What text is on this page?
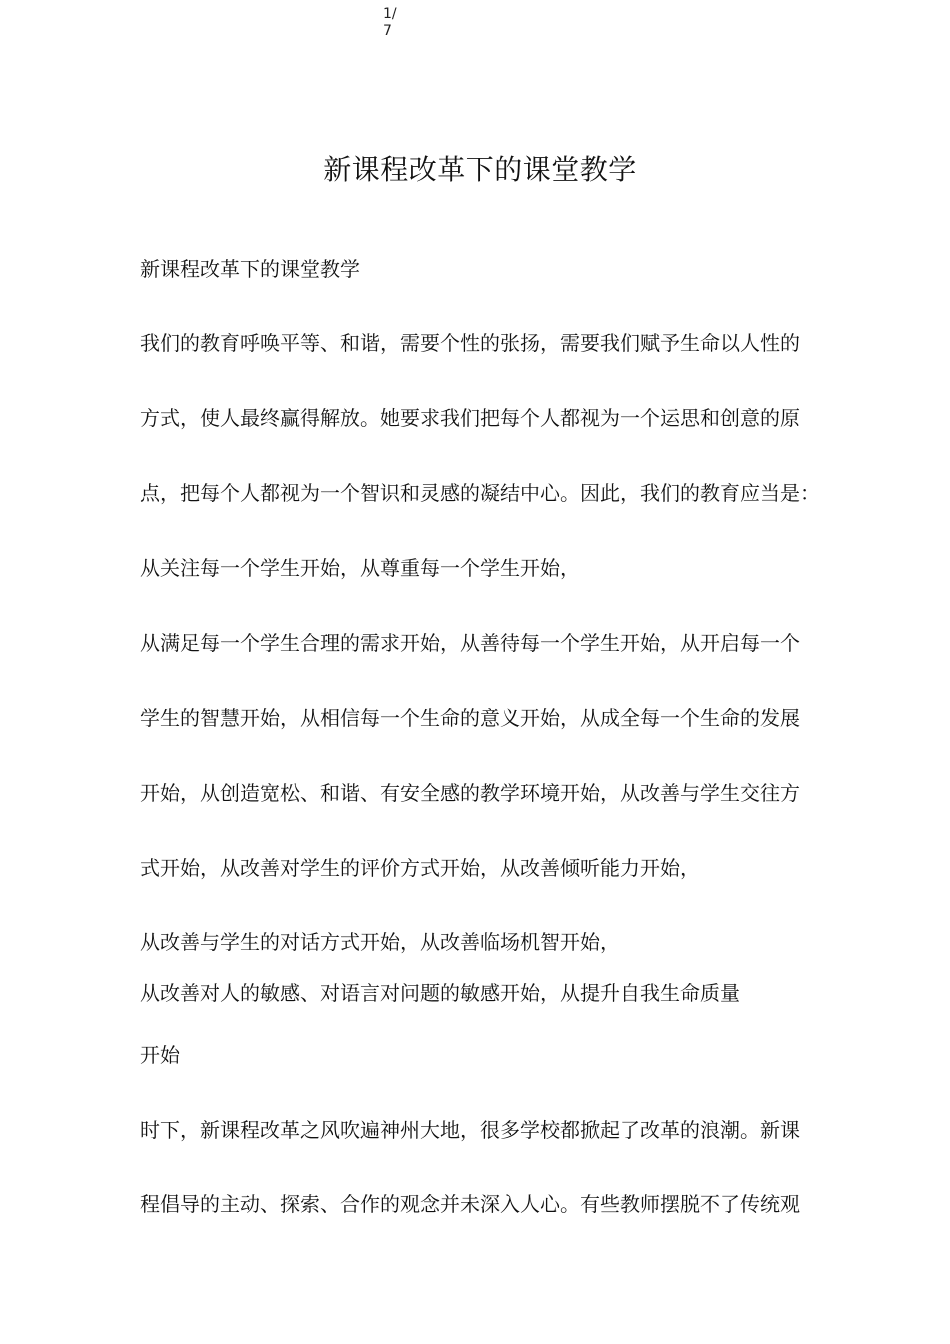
1/
7
新课程改革下的课堂教学
新课程改革下的课堂教学
我们的教育呼唤平等、和谐，需要个性的张扬，需要我们赋予生命以人性的
方式，使人最终赢得解放。她要求我们把每个人都视为一个运思和创意的原
点，把每个人都视为一个智识和灵感的凝结中心。因此，我们的教育应当是：
从关注每一个学生开始，从尊重每一个学生开始，
从满足每一个学生合理的需求开始，从善待每一个学生开始，从开启每一个
学生的智慧开始，从相信每一个生命的意义开始，从成全每一个生命的发展
开始，从创造宽松、和谐、有安全感的教学环境开始，从改善与学生交往方
式开始，从改善对学生的评价方式开始，从改善倾听能力开始，
从改善与学生的对话方式开始，从改善临场机智开始，
从改善对人的敏感、对语言对问题的敏感开始，从提升自我生命质量
开始
时下，新课程改革之风吹遍神州大地，很多学校都掀起了改革的浪潮。新课
程倡导的主动、探索、合作的观念并未深入人心。有些教师摆脱不了传统观
